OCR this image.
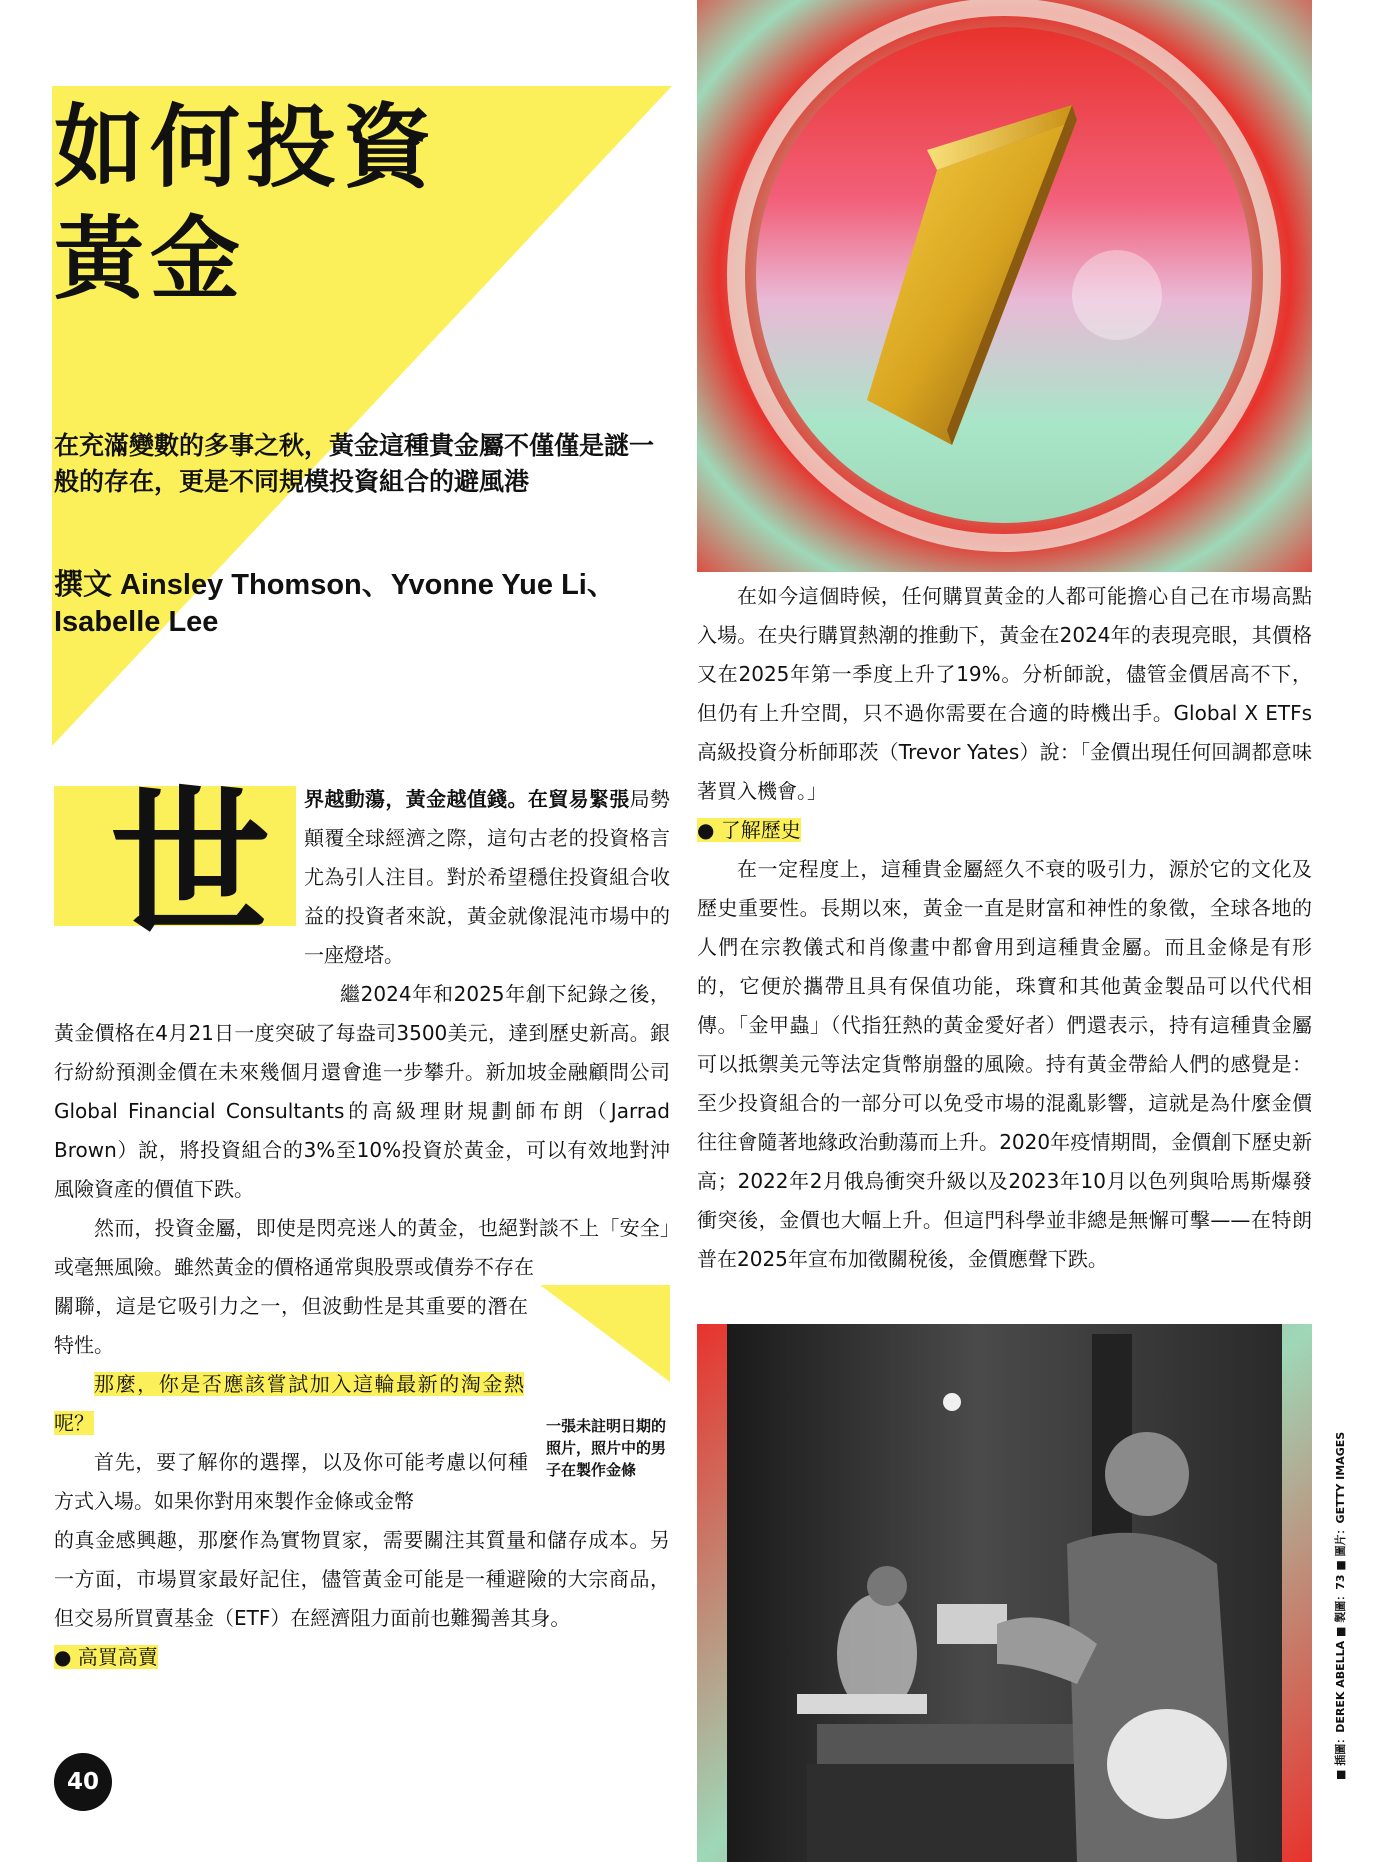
如何投資
黃金

在充滿變數的多事之秋，黃金這種貴金屬不僅僅是謎一般的存在，更是不同規模投資組合的避風港

撰文 Ainsley Thomson、Yvonne Yue Li、Isabelle Lee
世 界越動蕩，黃金越值錢。在貿易緊張局勢顛覆全球經濟之際，這句古老的投資格言尤為引人注目。對於希望穩住投資組合收益的投資者來說，黃金就像混沌市場中的一座燈塔。

繼2024年和2025年創下紀錄之後，黃金價格在4月21日一度突破了每盎司3500美元，達到歷史新高。銀行紛紛預測金價在未來幾個月還會進一步攀升。新加坡金融顧問公司Global Financial Consultants的高級理財規劃師布朗（Jarrad Brown）說，將投資組合的3%至10%投資於黃金，可以有效地對沖風險資產的價值下跌。

然而，投資金屬，即使是閃亮迷人的黃金，也絕對談不上「安全」或毫無風險。雖然黃金的價格通常與股票或債券不存在

關聯，這是它吸引力之一，但波動性是其重要的潛在特性。

那麼，你是否應該嘗試加入這輪最新的淘金熱呢？

首先，要了解你的選擇，以及你可能考慮以何種方式入場。如果你對用來製作金條或金幣

的真金感興趣，那麼作為實物買家，需要關注其質量和儲存成本。另一方面，市場買家最好記住，儘管黃金可能是一種避險的大宗商品，但交易所買賣基金（ETF）在經濟阻力面前也難獨善其身。

● 高買高賣

一張未註明日期的照片，照片中的男子在製作金條
40

在如今這個時候，任何購買黃金的人都可能擔心自己在市場高點入場。在央行購買熱潮的推動下，黃金在2024年的表現亮眼，其價格又在2025年第一季度上升了19%。分析師說，儘管金價居高不下，但仍有上升空間，只不過你需要在合適的時機出手。Global X ETFs高級投資分析師耶茨（Trevor Yates）說：「金價出現任何回調都意味著買入機會。」

● 了解歷史

在一定程度上，這種貴金屬經久不衰的吸引力，源於它的文化及歷史重要性。長期以來，黃金一直是財富和神性的象徵，全球各地的人們在宗教儀式和肖像畫中都會用到這種貴金屬。而且金條是有形的，它便於攜帶且具有保值功能，珠寶和其他黃金製品可以代代相傳。「金甲蟲」（代指狂熱的黃金愛好者）們還表示，持有這種貴金屬可以抵禦美元等法定貨幣崩盤的風險。持有黃金帶給人們的感覺是：至少投資組合的一部分可以免受市場的混亂影響，這就是為什麼金價往往會隨著地緣政治動蕩而上升。2020年疫情期間，金價創下歷史新高；2022年2月俄烏衝突升級以及2023年10月以色列與哈馬斯爆發衝突後，金價也大幅上升。但這門科學並非總是無懈可擊——在特朗普在2025年宣布加徵關稅後，金價應聲下跌。

■ 插圖：DEREK ABELLA ■ 製圖：73 ■ 圖片：GETTY IMAGES
